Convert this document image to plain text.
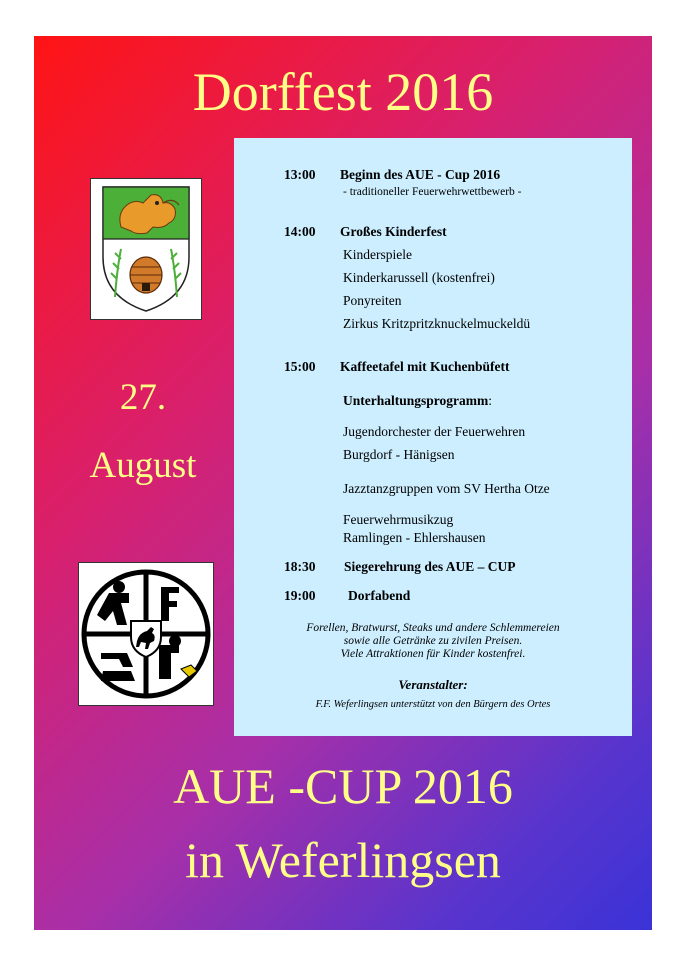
Dorffest 2016
27.
August
13:00 Beginn des AUE - Cup 2016
- traditioneller Feuerwehrwettbewerb -
14:00 Großes Kinderfest
Kinderspiele
Kinderkarussell (kostenfrei)
Ponyreiten
Zirkus Kritzpritzknuckelmuckeldü
15:00 Kaffeetafel mit Kuchenbüfett
Unterhaltungsprogramm:
Jugendorchester der Feuerwehren
Burgdorf - Hänigsen
Jazztanzgruppen vom SV Hertha Otze
Feuerwehrmusikzug
Ramlingen - Ehlershausen
18:30 Siegerehrung des AUE – CUP
19:00 Dorfabend
Forellen, Bratwurst, Steaks und andere Schlemmereien
sowie alle Getränke zu zivilen Preisen.
Viele Attraktionen für Kinder kostenfrei.
Veranstalter:
F.F. Weferlingsen unterstützt von den Bürgern des Ortes
AUE -CUP 2016
in Weferlingsen
